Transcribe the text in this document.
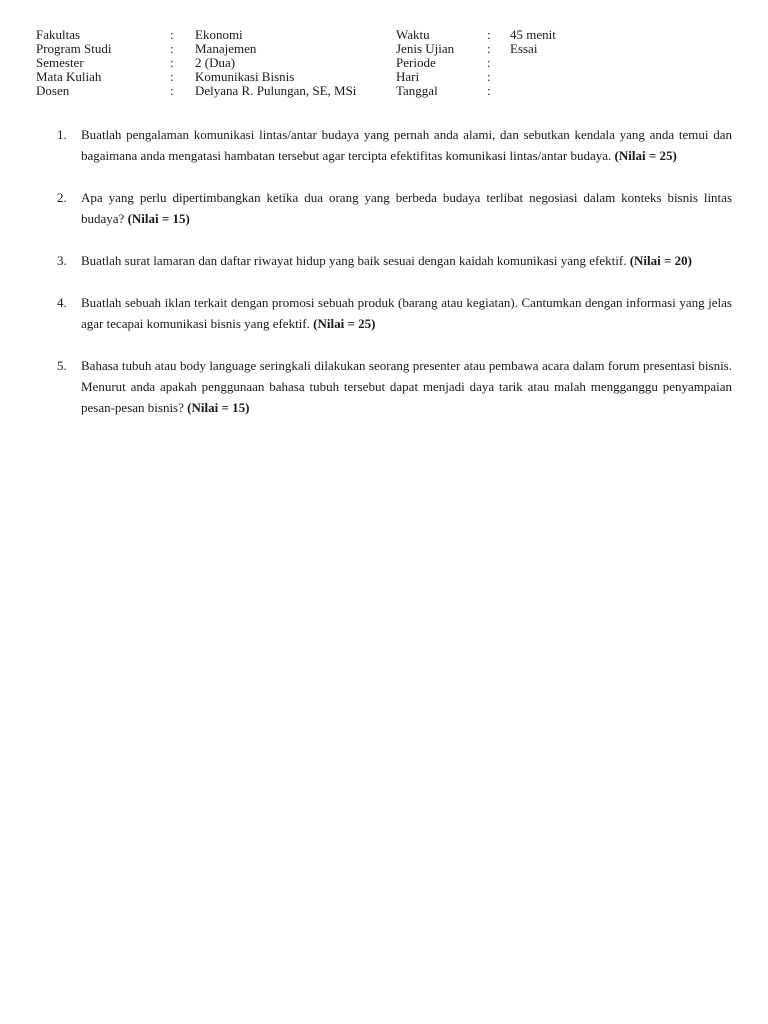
Fakultas	: Ekonomi	Waktu	: 45 menit
Program Studi	: Manajemen	Jenis Ujian	: Essai
Semester	: 2 (Dua)	Periode	:
Mata Kuliah	: Komunikasi Bisnis	Hari	:
Dosen	: Delyana R. Pulungan, SE, MSi	Tanggal	:
1. Buatlah pengalaman komunikasi lintas/antar budaya yang pernah anda alami, dan sebutkan kendala yang anda temui dan bagaimana anda mengatasi hambatan tersebut agar tercipta efektifitas komunikasi lintas/antar budaya. (Nilai = 25)
2. Apa yang perlu dipertimbangkan ketika dua orang yang berbeda budaya terlibat negosiasi dalam konteks bisnis lintas budaya? (Nilai = 15)
3. Buatlah surat lamaran dan daftar riwayat hidup yang baik sesuai dengan kaidah komunikasi yang efektif. (Nilai = 20)
4. Buatlah sebuah iklan terkait dengan promosi sebuah produk (barang atau kegiatan). Cantumkan dengan informasi yang jelas agar tecapai komunikasi bisnis yang efektif. (Nilai = 25)
5. Bahasa tubuh atau body language seringkali dilakukan seorang presenter atau pembawa acara dalam forum presentasi bisnis. Menurut anda apakah penggunaan bahasa tubuh tersebut dapat menjadi daya tarik atau malah mengganggu penyampaian pesan-pesan bisnis? (Nilai = 15)
